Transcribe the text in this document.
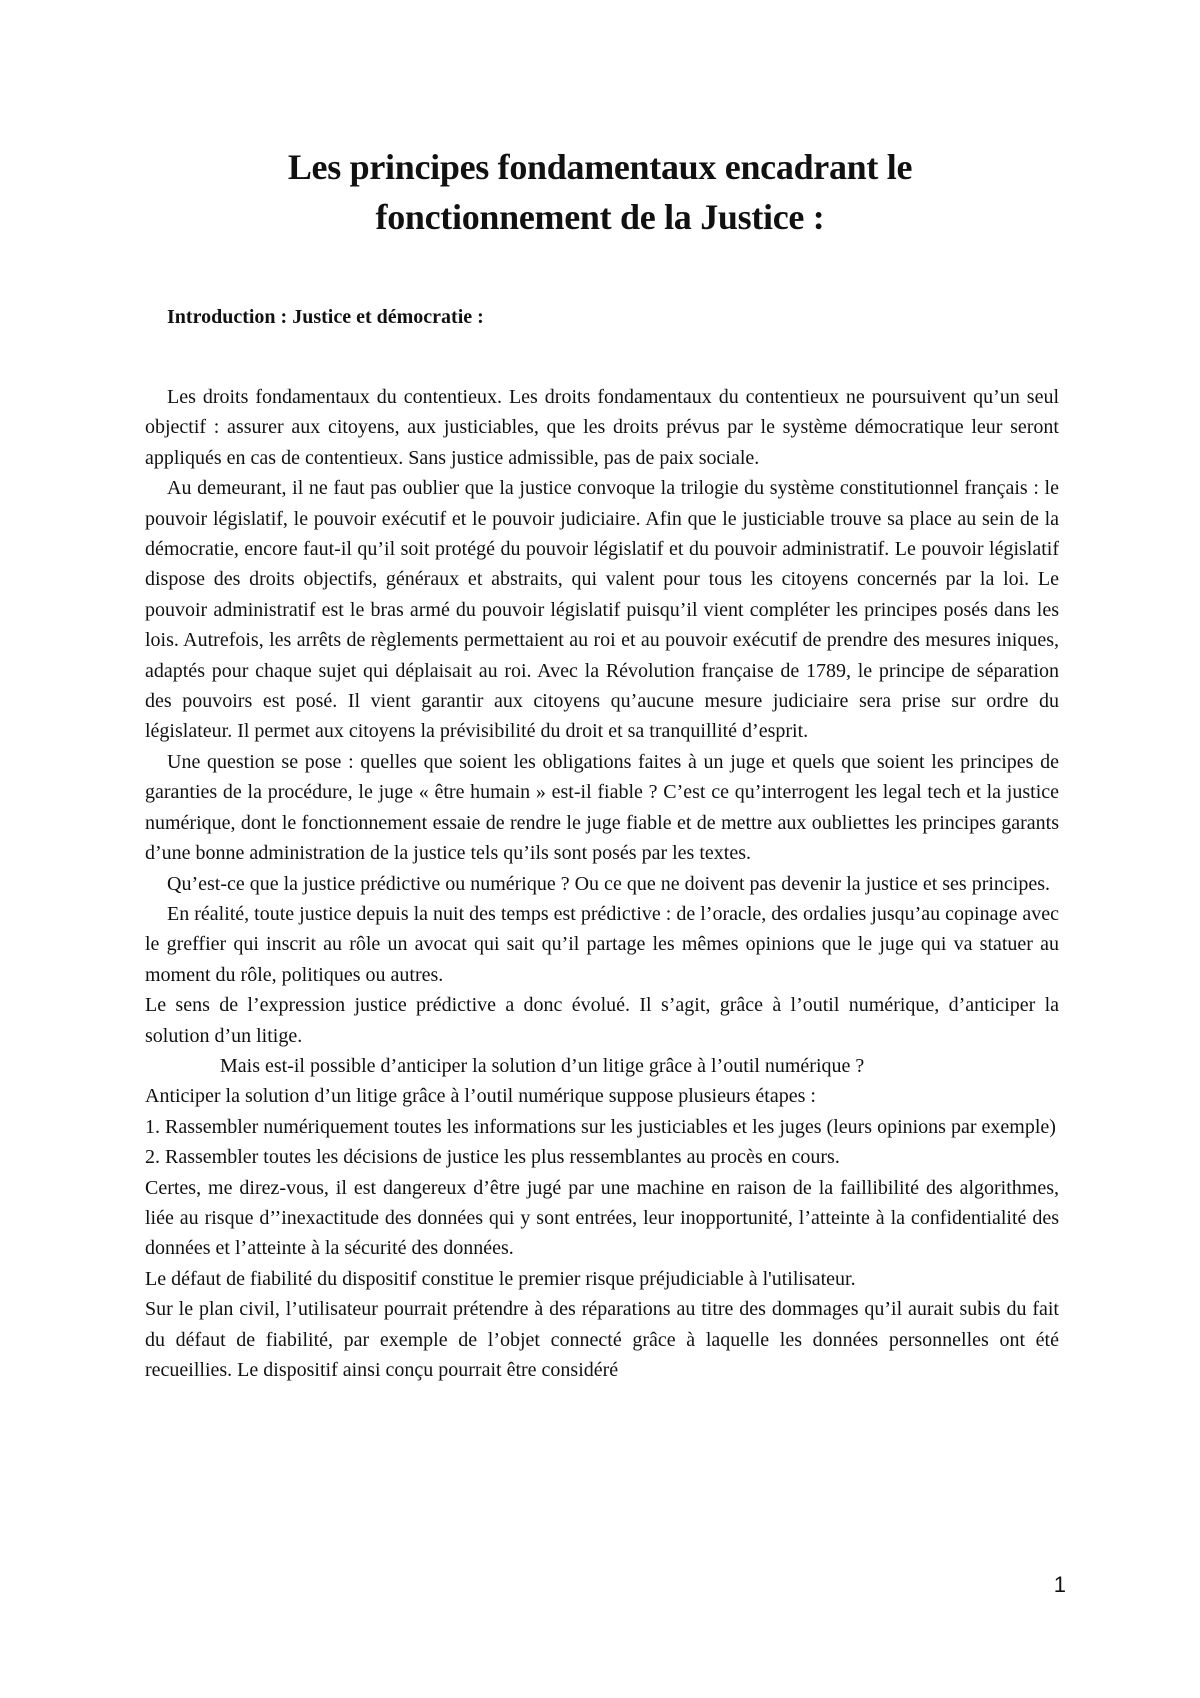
Les principes fondamentaux encadrant le
fonctionnement de la Justice :
Introduction : Justice et démocratie :

Les droits fondamentaux du contentieux. Les droits fondamentaux du contentieux ne poursuivent qu’un seul objectif : assurer aux citoyens, aux justiciables, que les droits prévus par le système démocratique leur seront appliqués en cas de contentieux. Sans justice admissible, pas de paix sociale.

Au demeurant, il ne faut pas oublier que la justice convoque la trilogie du système constitutionnel français : le pouvoir législatif, le pouvoir exécutif et le pouvoir judiciaire. Afin que le justiciable trouve sa place au sein de la démocratie, encore faut-il qu’il soit protégé du pouvoir législatif et du pouvoir administratif. Le pouvoir législatif dispose des droits objectifs, généraux et abstraits, qui valent pour tous les citoyens concernés par la loi. Le pouvoir administratif est le bras armé du pouvoir législatif puisqu’il vient compléter les principes posés dans les lois. Autrefois, les arrêts de règlements permettaient au roi et au pouvoir exécutif de prendre des mesures iniques, adaptés pour chaque sujet qui déplaisait au roi. Avec la Révolution française de 1789, le principe de séparation des pouvoirs est posé. Il vient garantir aux citoyens qu’aucune mesure judiciaire sera prise sur ordre du législateur. Il permet aux citoyens la prévisibilité du droit et sa tranquillité d’esprit.

Une question se pose : quelles que soient les obligations faites à un juge et quels que soient les principes de garanties de la procédure, le juge « être humain » est-il fiable ? C’est ce qu’interrogent les legal tech et la justice numérique, dont le fonctionnement essaie de rendre le juge fiable et de mettre aux oubliettes les principes garants d’une bonne administration de la justice tels qu’ils sont posés par les textes.

Qu’est-ce que la justice prédictive ou numérique ? Ou ce que ne doivent pas devenir la justice et ses principes.

En réalité, toute justice depuis la nuit des temps est prédictive : de l’oracle, des ordalies jusqu’au copinage avec le greffier qui inscrit au rôle un avocat qui sait qu’il partage les mêmes opinions que le juge qui va statuer au moment du rôle, politiques ou autres.

Le sens de l’expression justice prédictive a donc évolué. Il s’agit, grâce à l’outil numérique, d’anticiper la solution d’un litige.

Mais est-il possible d’anticiper la solution d’un litige grâce à l’outil numérique ?

Anticiper la solution d’un litige grâce à l’outil numérique suppose plusieurs étapes :

1. Rassembler numériquement toutes les informations sur les justiciables et les juges (leurs opinions par exemple)

2. Rassembler toutes les décisions de justice les plus ressemblantes au procès en cours.

Certes, me direz-vous, il est dangereux d’être jugé par une machine en raison de la faillibilité des algorithmes, liée au risque d’’inexactitude des données qui y sont entrées, leur inopportunité, l’atteinte à la confidentialité des données et l’atteinte à la sécurité des données.

Le défaut de fiabilité du dispositif constitue le premier risque préjudiciable à l'utilisateur.

Sur le plan civil, l’utilisateur pourrait prétendre à des réparations au titre des dommages qu’il aurait subis du fait du défaut de fiabilité, par exemple de l’objet connecté grâce à laquelle les données personnelles ont été recueillies. Le dispositif ainsi conçu pourrait être considéré

1
